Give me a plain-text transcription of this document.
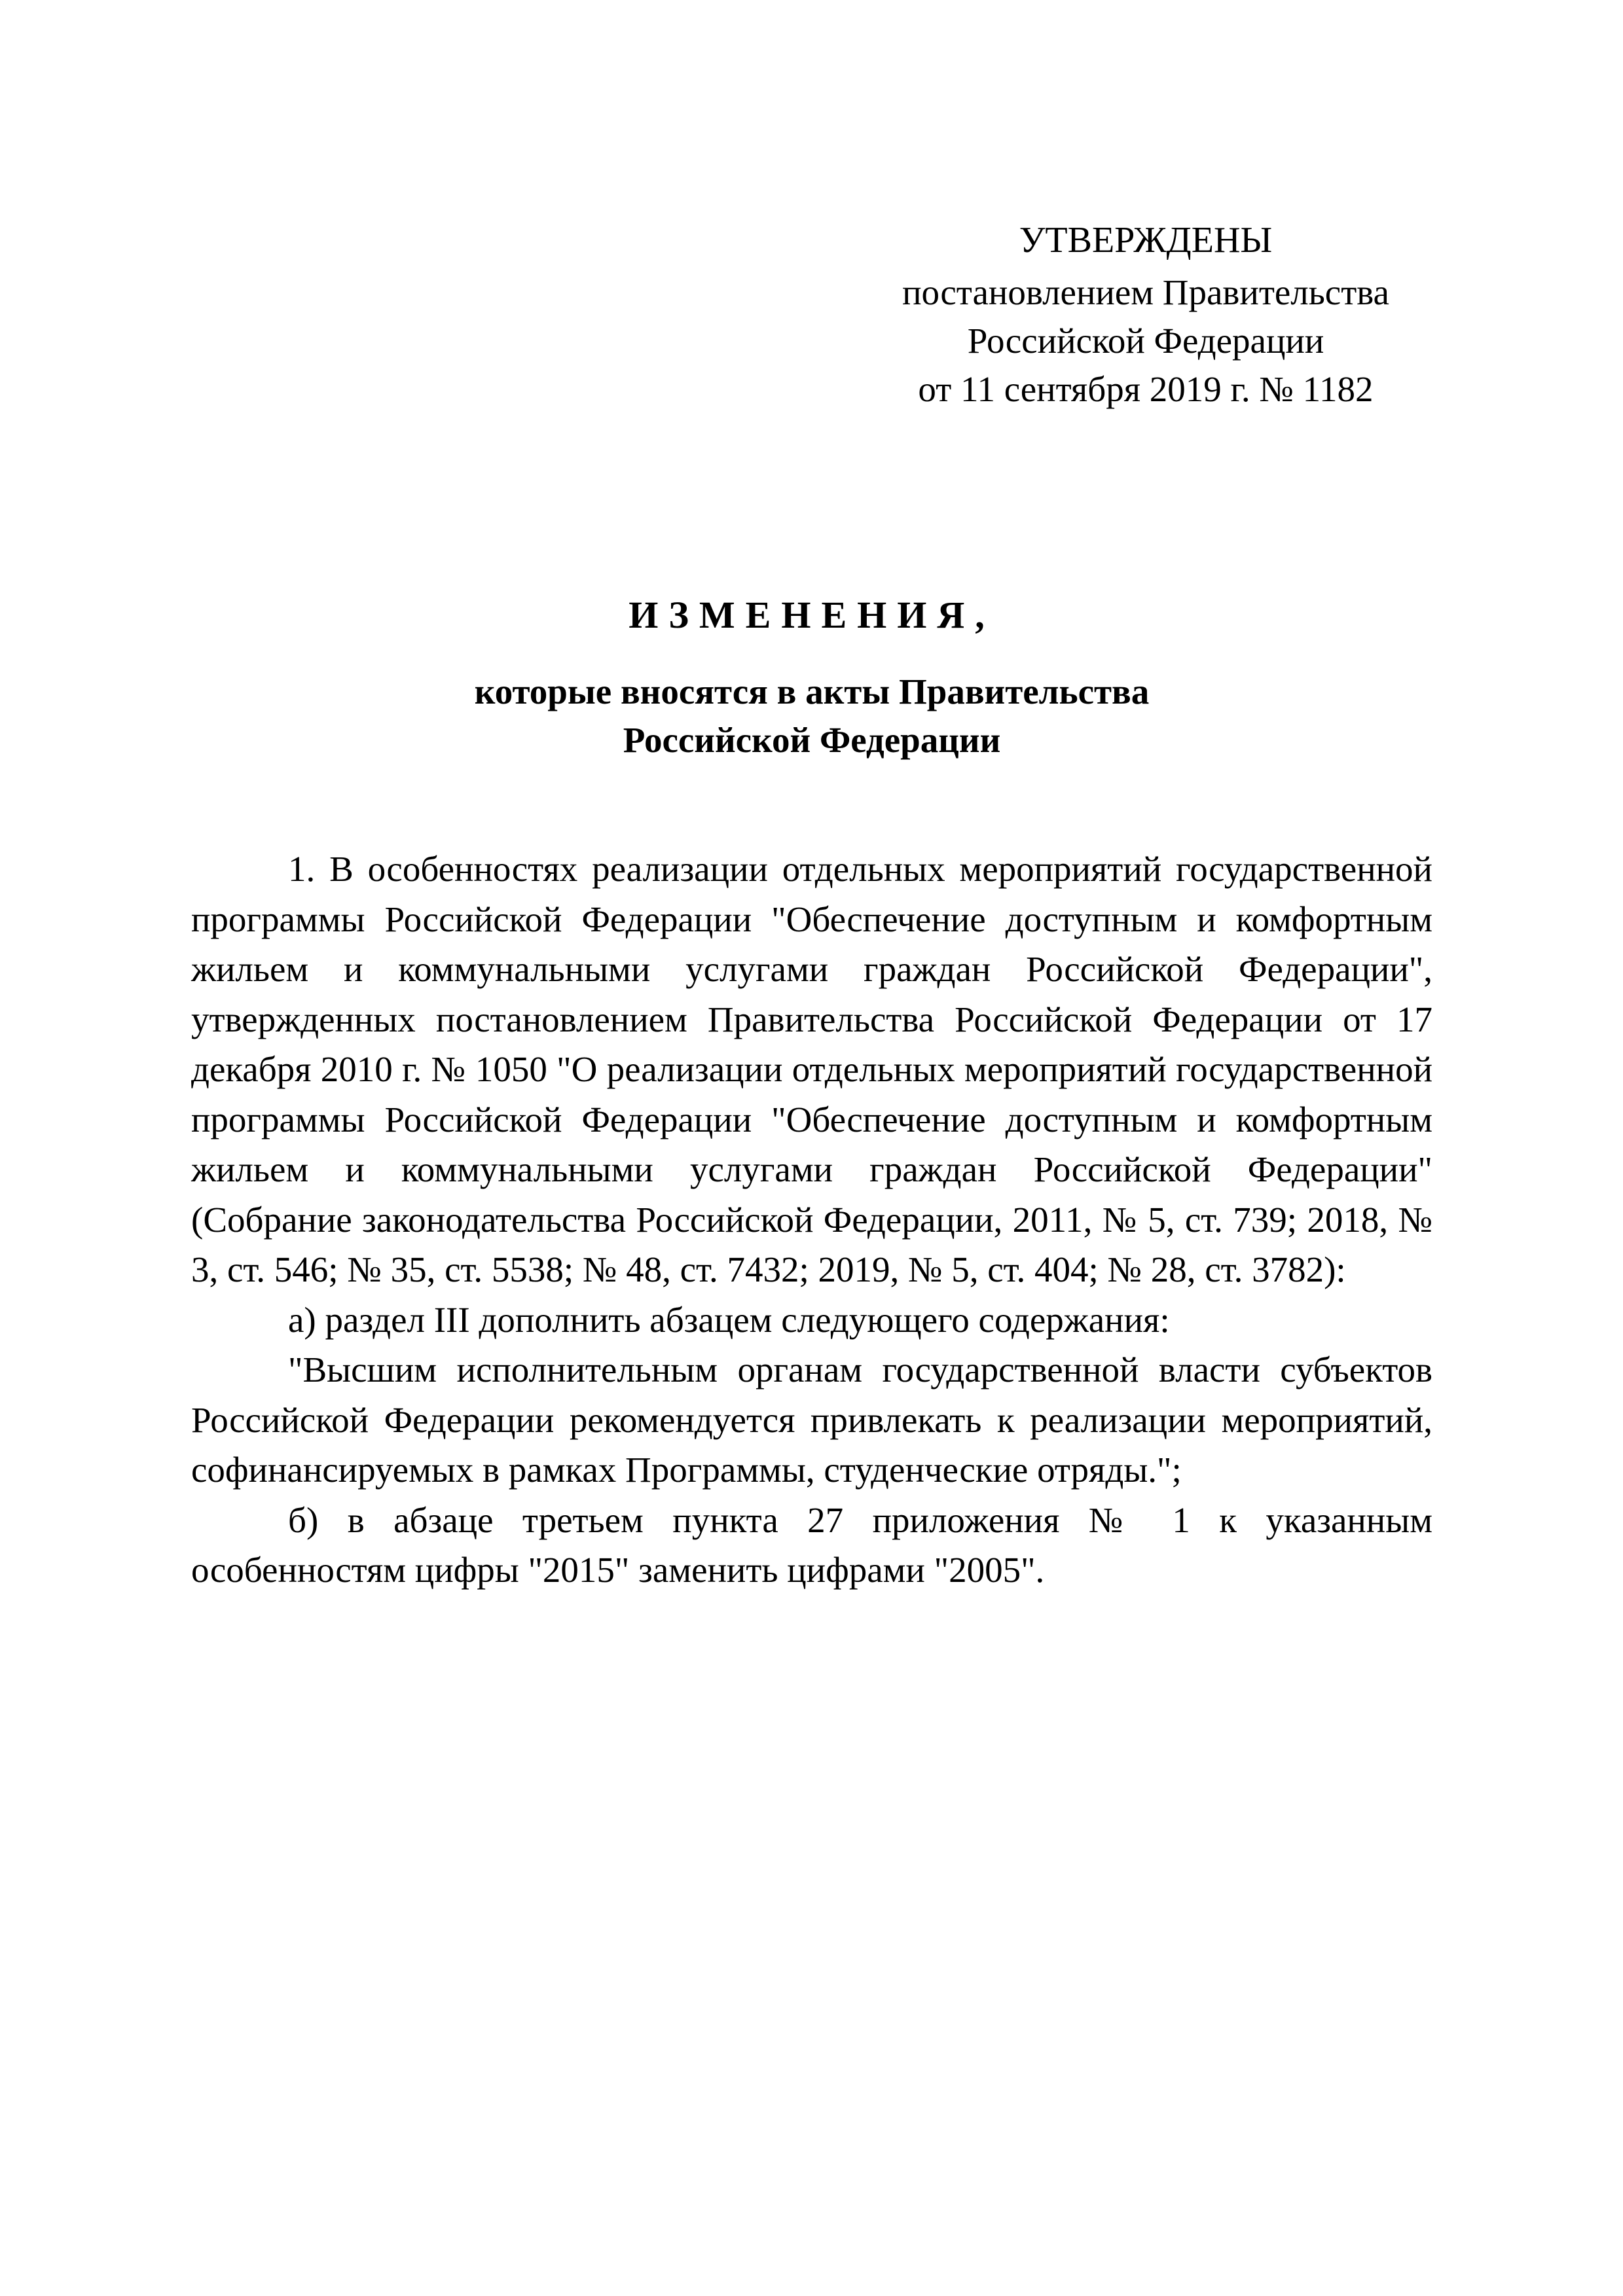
УТВЕРЖДЕНЫ
постановлением Правительства
Российской Федерации
от 11 сентября 2019 г. № 1182
ИЗМЕНЕНИЯ,
которые вносятся в акты Правительства
Российской Федерации

1. В особенностях реализации отдельных мероприятий государственной программы Российской Федерации "Обеспечение доступным и комфортным жильем и коммунальными услугами граждан Российской Федерации", утвержденных постановлением Правительства Российской Федерации от 17 декабря 2010 г. № 1050 "О реализации отдельных мероприятий государственной программы Российской Федерации "Обеспечение доступным и комфортным жильем и коммунальными услугами граждан Российской Федерации" (Собрание законодательства Российской Федерации, 2011, № 5, ст. 739; 2018, № 3, ст. 546; № 35, ст. 5538; № 48, ст. 7432; 2019, № 5, ст. 404; № 28, ст. 3782):

а) раздел III дополнить абзацем следующего содержания:

"Высшим исполнительным органам государственной власти субъектов Российской Федерации рекомендуется привлекать к реализации мероприятий, софинансируемых в рамках Программы, студенческие отряды.";

б) в абзаце третьем пункта 27 приложения № 1 к указанным особенностям цифры "2015" заменить цифрами "2005".
